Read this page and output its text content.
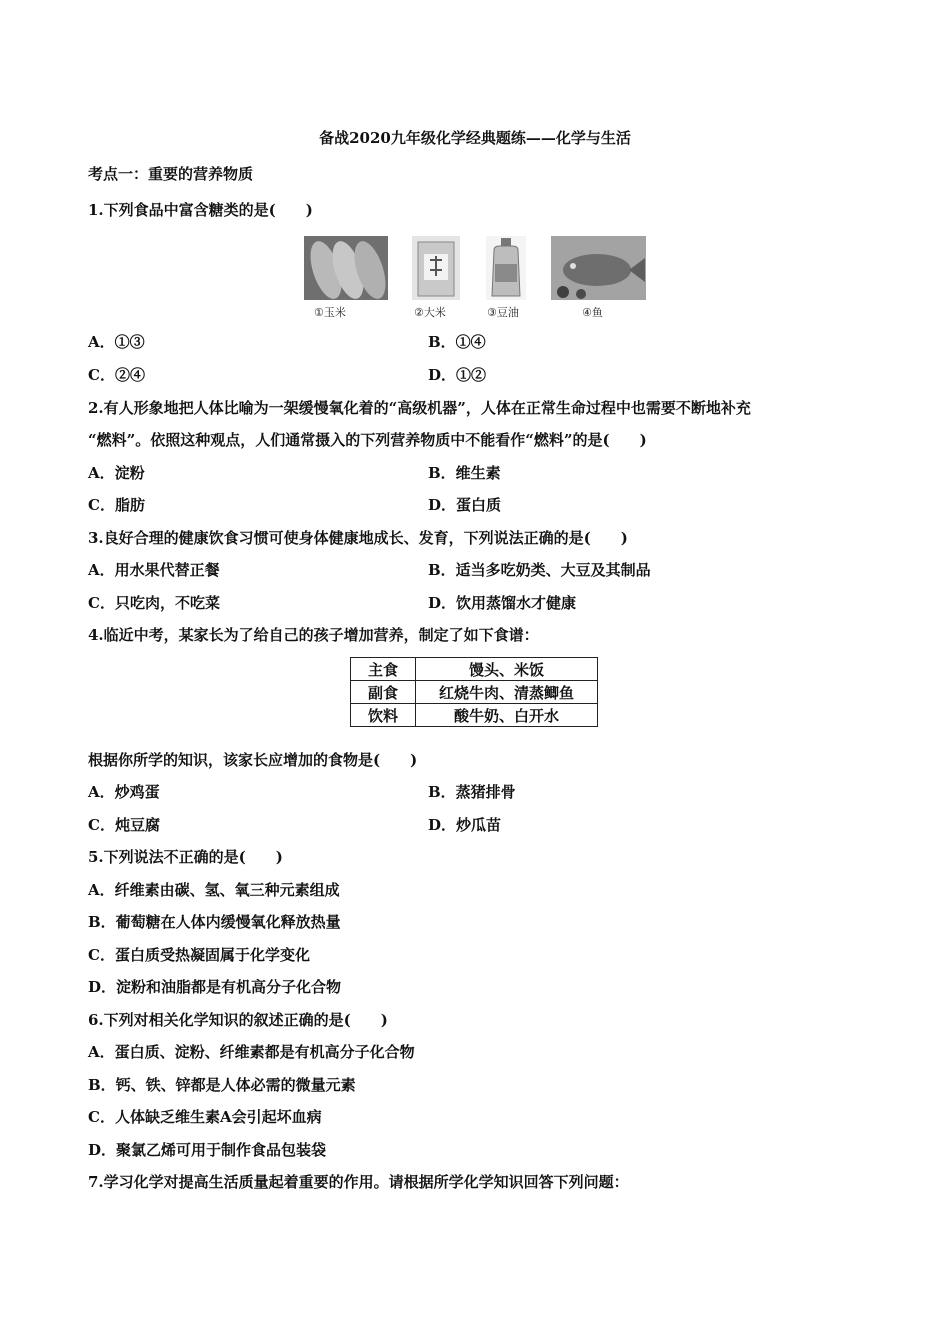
备战2020九年级化学经典题练——化学与生活
考点一：重要的营养物质
1.下列食品中富含糖类的是(　　)
①玉米	②大米	③豆油	④鱼
A．①③	B．①④
C．②④	D．①②
2.有人形象地把人体比喻为一架缓慢氧化着的“高级机器”，人体在正常生命过程中也需要不断地补充
“燃料”。依照这种观点，人们通常摄入的下列营养物质中不能看作“燃料”的是(　　)
A．淀粉	B．维生素
C．脂肪	D．蛋白质
3.良好合理的健康饮食习惯可使身体健康地成长、发育，下列说法正确的是(　　)
A．用水果代替正餐	B．适当多吃奶类、大豆及其制品
C．只吃肉，不吃菜	D．饮用蒸馏水才健康
4.临近中考，某家长为了给自己的孩子增加营养，制定了如下食谱：
主食	馒头、米饭
副食	红烧牛肉、清蒸鲫鱼
饮料	酸牛奶、白开水
根据你所学的知识，该家长应增加的食物是(　　)
A．炒鸡蛋	B．蒸猪排骨
C．炖豆腐	D．炒瓜苗
5.下列说法不正确的是(　　)
A．纤维素由碳、氢、氧三种元素组成
B．葡萄糖在人体内缓慢氧化释放热量
C．蛋白质受热凝固属于化学变化
D．淀粉和油脂都是有机高分子化合物
6.下列对相关化学知识的叙述正确的是(　　)
A．蛋白质、淀粉、纤维素都是有机高分子化合物
B．钙、铁、锌都是人体必需的微量元素
C．人体缺乏维生素A会引起坏血病
D．聚氯乙烯可用于制作食品包装袋
7.学习化学对提高生活质量起着重要的作用。请根据所学化学知识回答下列问题：
